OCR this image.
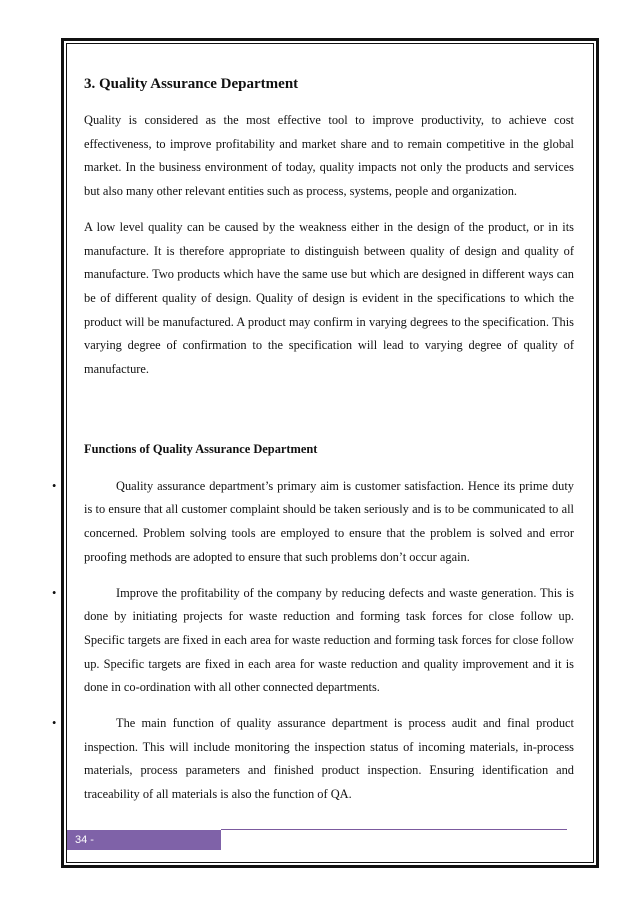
3. Quality Assurance Department

Quality is considered as the most effective tool to improve productivity, to achieve cost effectiveness, to improve profitability and market share and to remain competitive in the global market. In the business environment of today, quality impacts not only the products and services but also many other relevant entities such as process, systems, people and organization.

A low level quality can be caused by the weakness either in the design of the product, or in its manufacture. It is therefore appropriate to distinguish between quality of design and quality of manufacture. Two products which have the same use but which are designed in different ways can be of different quality of design. Quality of design is evident in the specifications to which the product will be manufactured. A product may confirm in varying degrees to the specification. This varying degree of confirmation to the specification will lead to varying degree of quality of manufacture.

Functions of Quality Assurance Department

•	Quality assurance department’s primary aim is customer satisfaction. Hence its prime duty is to ensure that all customer complaint should be taken seriously and is to be communicated to all concerned. Problem solving tools are employed to ensure that the problem is solved and error proofing methods are adopted to ensure that such problems don’t occur again.

•	Improve the profitability of the company by reducing defects and waste generation. This is done by initiating projects for waste reduction and forming task forces for close follow up. Specific targets are fixed in each area for waste reduction and forming task forces for close follow up. Specific targets are fixed in each area for waste reduction and quality improvement and it is done in co-ordination with all other connected departments.

•	The main function of quality assurance department is process audit and final product inspection. This will include monitoring the inspection status of incoming materials, in-process materials, process parameters and finished product inspection. Ensuring identification and traceability of all materials is also the function of QA.

34 -
